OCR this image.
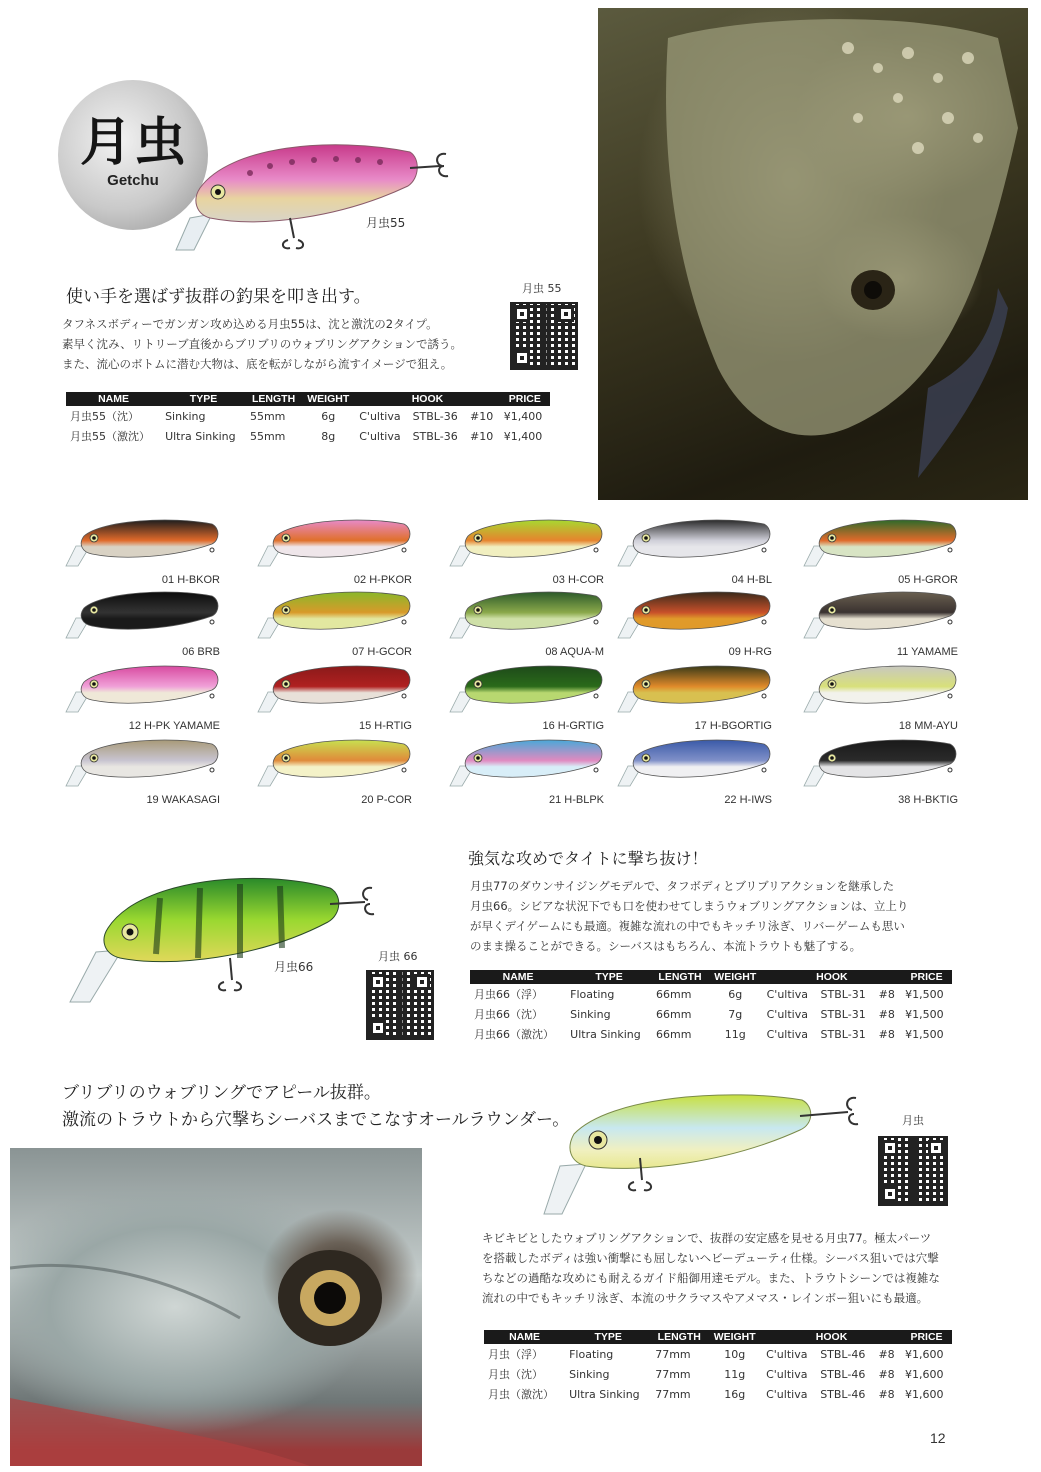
月虫
Getchu
月虫55
使い手を選ばず抜群の釣果を叩き出す。	月虫 55
タフネスボディーでガンガン攻め込める月虫55は、沈と激沈の2タイプ。
素早く沈み、リトリーブ直後からブリブリのウォブリングアクションで誘う。
また、流心のボトムに潜む大物は、底を転がしながら流すイメージで狙え。
NAME	TYPE	LENGTH	WEIGHT	HOOK			PRICE
月虫55（沈）	Sinking	55mm	6g	C'ultiva	STBL-36	#10	¥1,400
月虫55（激沈）	Ultra Sinking	55mm	8g	C'ultiva	STBL-36	#10	¥1,400
01 H-BKOR	02 H-PKOR	03 H-COR	04 H-BL	05 H-GROR
06 BRB	07 H-GCOR	08 AQUA-M	09 H-RG	11 YAMAME
12 H-PK YAMAME	15 H-RTIG	16 H-GRTIG	17 H-BGORTIG	18 MM-AYU
19 WAKASAGI	20 P-COR	21 H-BLPK	22 H-IWS	38 H-BKTIG
強気な攻めでタイトに撃ち抜け！
月虫66
月虫 66
月虫77のダウンサイジングモデルで、タフボディとブリブリアクションを継承した
月虫66。シビアな状況下でも口を使わせてしまうウォブリングアクションは、立上り
が早くデイゲームにも最適。複雑な流れの中でもキッチリ泳ぎ、リバーゲームも思い
のまま操ることができる。シーバスはもちろん、本流トラウトも魅了する。
NAME	TYPE	LENGTH	WEIGHT	HOOK			PRICE
月虫66（浮）	Floating	66mm	6g	C'ultiva	STBL-31	#8	¥1,500
月虫66（沈）	Sinking	66mm	7g	C'ultiva	STBL-31	#8	¥1,500
月虫66（激沈）	Ultra Sinking	66mm	11g	C'ultiva	STBL-31	#8	¥1,500
ブリブリのウォブリングでアピール抜群。
激流のトラウトから穴撃ちシーバスまでこなすオールラウンダー。	月虫
キビキビとしたウォブリングアクションで、抜群の安定感を見せる月虫77。極太パーツ
を搭載したボディは強い衝撃にも屈しないヘビーデューティ仕様。シーバス狙いでは穴撃
ちなどの過酷な攻めにも耐えるガイド船御用達モデル。また、トラウトシーンでは複雑な
流れの中でもキッチリ泳ぎ、本流のサクラマスやアメマス・レインボー狙いにも最適。
NAME	TYPE	LENGTH	WEIGHT	HOOK			PRICE
月虫（浮）	Floating	77mm	10g	C'ultiva	STBL-46	#8	¥1,600
月虫（沈）	Sinking	77mm	11g	C'ultiva	STBL-46	#8	¥1,600
月虫（激沈）	Ultra Sinking	77mm	16g	C'ultiva	STBL-46	#8	¥1,600
12
